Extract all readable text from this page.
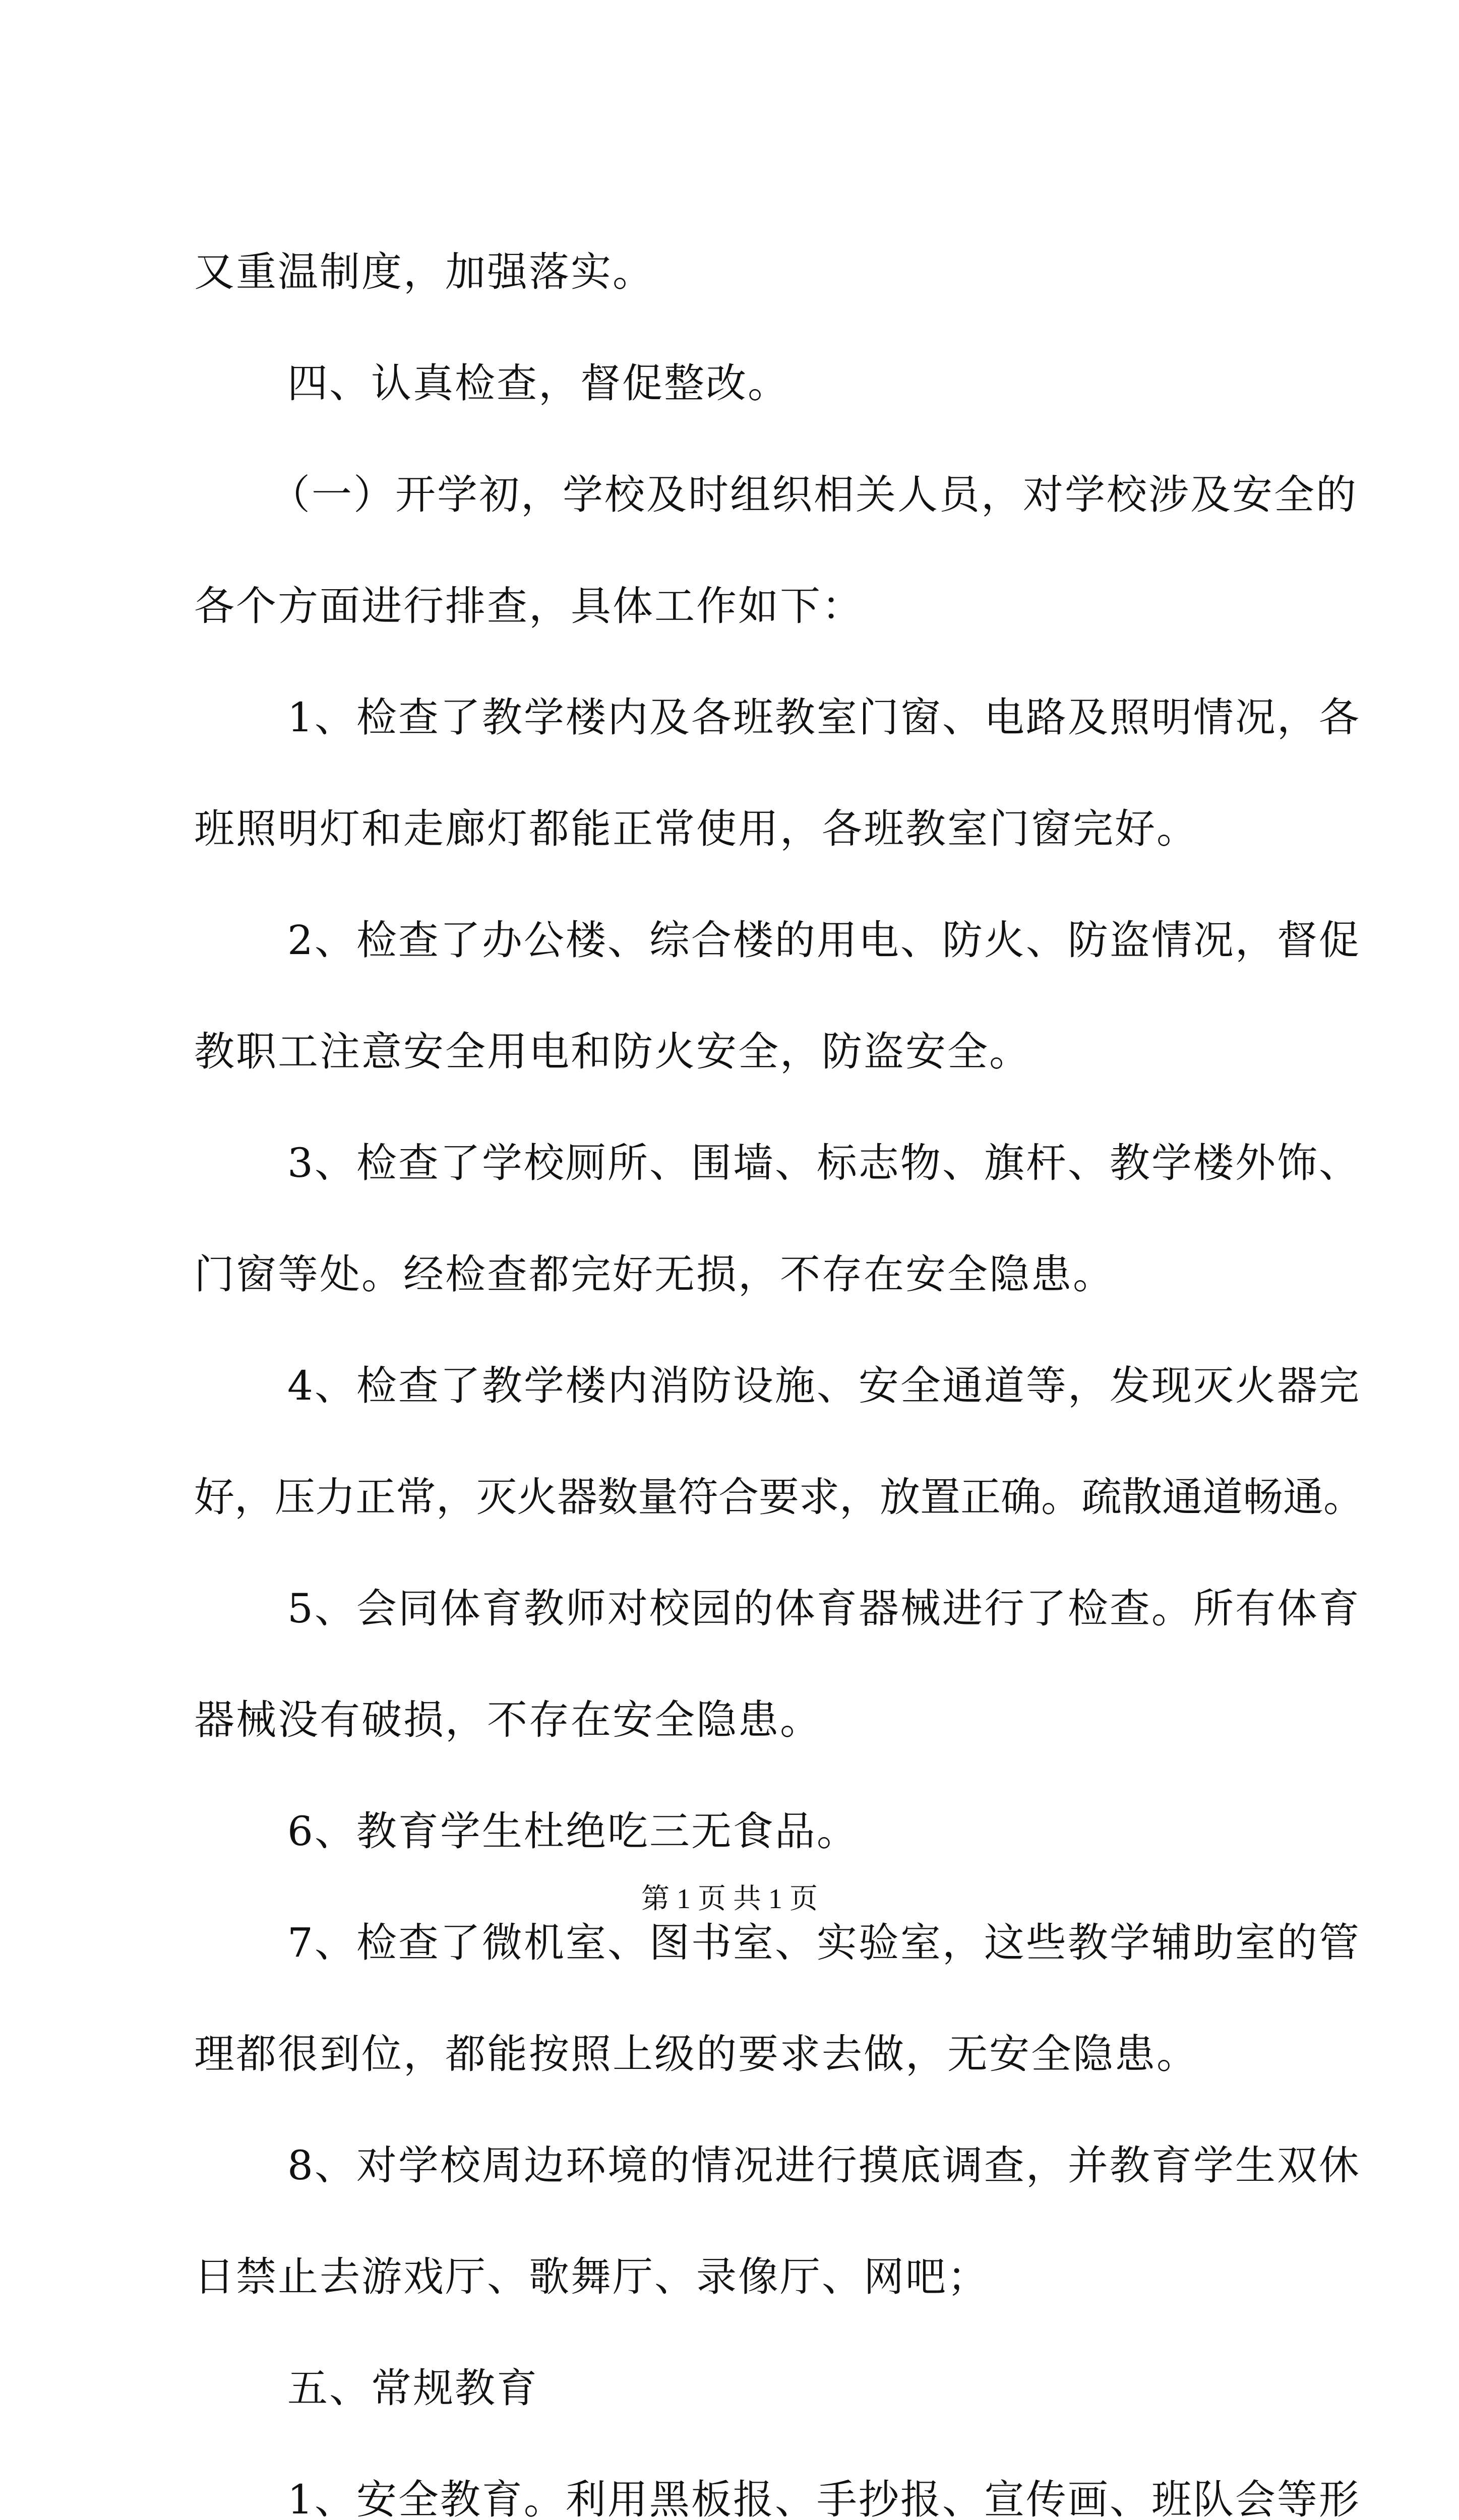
又重温制度，加强落实。
四、认真检查，督促整改。
（一）开学初，学校及时组织相关人员，对学校涉及安全的
各个方面进行排查，具体工作如下：
1、检查了教学楼内及各班教室门窗、电路及照明情况，各
班照明灯和走廊灯都能正常使用，各班教室门窗完好。
2、检查了办公楼、综合楼的用电、防火、防盗情况，督促
教职工注意安全用电和防火安全，防盗安全。
3、检查了学校厕所、围墙、标志物、旗杆、教学楼外饰、
门窗等处。经检查都完好无损，不存在安全隐患。
4、检查了教学楼内消防设施、安全通道等，发现灭火器完
好，压力正常，灭火器数量符合要求，放置正确。疏散通道畅通。
5、会同体育教师对校园的体育器械进行了检查。所有体育
器械没有破损，不存在安全隐患。
6、教育学生杜绝吃三无食品。
7、检查了微机室、图书室、实验室，这些教学辅助室的管
理都很到位，都能按照上级的要求去做，无安全隐患。
8、对学校周边环境的情况进行摸底调查，并教育学生双休
日禁止去游戏厅、歌舞厅、录像厅、网吧；
五、常规教育
1、安全教育。利用黑板报、手抄报、宣传画、班队会等形
第 1 页 共 1 页
